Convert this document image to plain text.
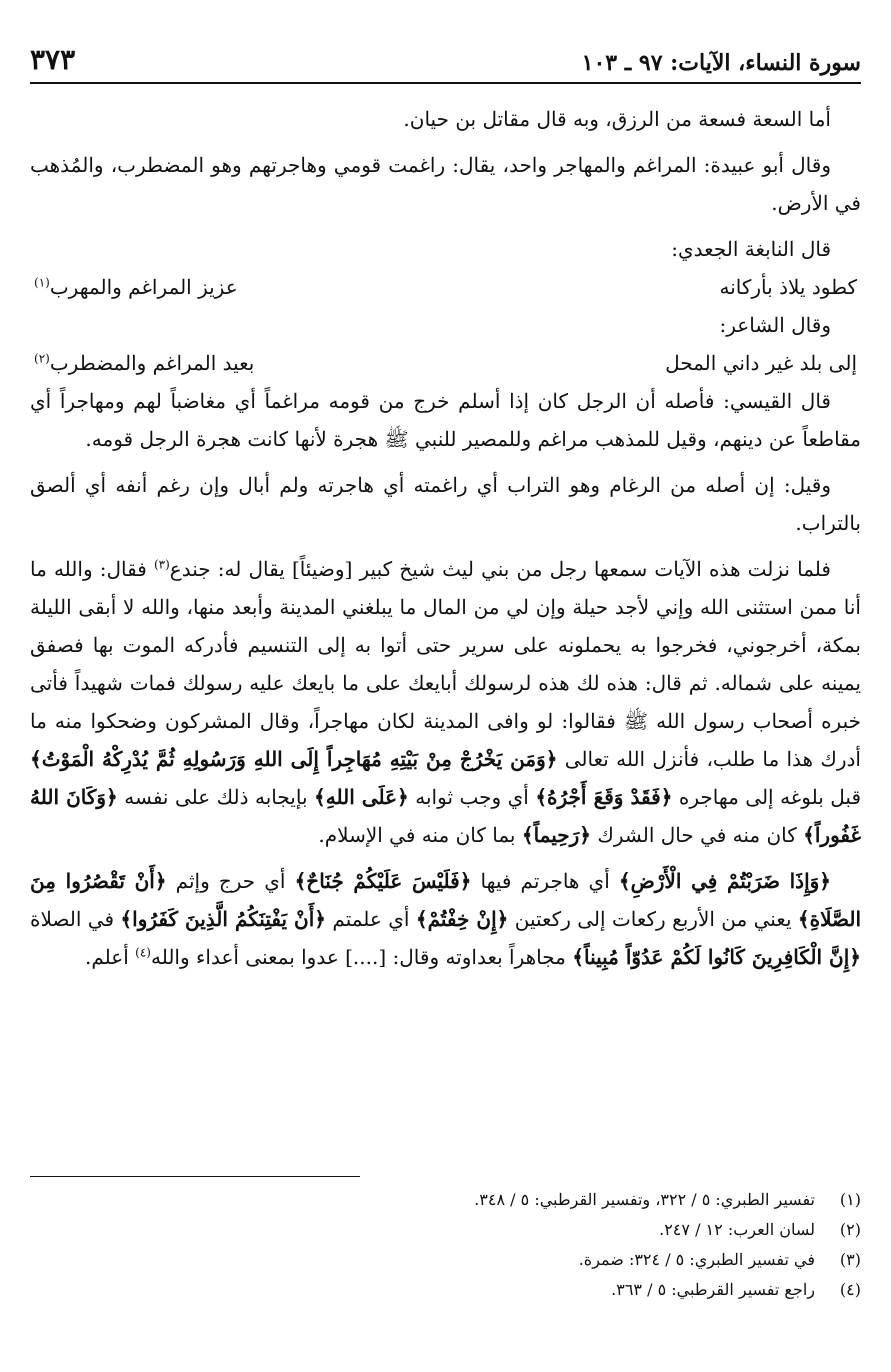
سورة النساء، الآيات: ٩٧ ـ ١٠٣
٣٧٣

أما السعة فسعة من الرزق، وبه قال مقاتل بن حيان.

وقال أبو عبيدة: المراغم والمهاجر واحد، يقال: راغمت قومي وهاجرتهم وهو المضطرب، والمُذهب في الأرض.

قال النابغة الجعدي:

كطود يلاذ بأركانه
عزيز المراغم والمهرب$^{(١)}$

وقال الشاعر:

إلى بلد غير داني المحل
بعيد المراغم والمضطرب$^{(٢)}$

قال القيسي: فأصله أن الرجل كان إذا أسلم خرج من قومه مراغماً أي مغاضباً لهم ومهاجراً أي مقاطعاً عن دينهم، وقيل للمذهب مراغم وللمصير للنبي ﷺ هجرة لأنها كانت هجرة الرجل قومه.

وقيل: إن أصله من الرغام وهو التراب أي راغمته أي هاجرته ولم أبال وإن رغم أنفه أي ألصق بالتراب.

فلما نزلت هذه الآيات سمعها رجل من بني ليث شيخ كبير [وضيئاً] يقال له: جندع$^{(٣)}$ فقال: والله ما أنا ممن استثنى الله وإني لأجد حيلة وإن لي من المال ما يبلغني المدينة وأبعد منها، والله لا أبقى الليلة بمكة، أخرجوني، فخرجوا به يحملونه على سرير حتى أتوا به إلى التنسيم فأدركه الموت بها فصفق يمينه على شماله. ثم قال: هذه لك هذه لرسولك أبايعك على ما بايعك عليه رسولك فمات شهيداً فأتى خبره أصحاب رسول الله ﷺ فقالوا: لو وافى المدينة لكان مهاجراً، وقال المشركون وضحكوا منه ما أدرك هذا ما طلب، فأنزل الله تعالى ﴿وَمَن يَخْرُجْ مِنْ بَيْتِهِ مُهَاجِراً إِلَى اللهِ وَرَسُولِهِ ثُمَّ يُدْرِكْهُ الْمَوْتُ﴾ قبل بلوغه إلى مهاجره ﴿فَقَدْ وَقَعَ أَجْرُهُ﴾ أي وجب ثوابه ﴿عَلَى اللهِ﴾ بإيجابه ذلك على نفسه ﴿وَكَانَ اللهُ غَفُوراً﴾ كان منه في حال الشرك ﴿رَحِيماً﴾ بما كان منه في الإسلام.

﴿وَإِذَا ضَرَبْتُمْ فِي الْأَرْضِ﴾ أي هاجرتم فيها ﴿فَلَيْسَ عَلَيْكُمْ جُنَاحٌ﴾ أي حرج وإثم ﴿أَنْ تَقْصُرُوا مِنَ الصَّلَاةِ﴾ يعني من الأربع ركعات إلى ركعتين ﴿إِنْ خِفْتُمْ﴾ أي علمتم ﴿أَنْ يَفْتِنَكُمُ الَّذِينَ كَفَرُوا﴾ في الصلاة ﴿إِنَّ الْكَافِرِينَ كَانُوا لَكُمْ عَدُوّاً مُبِيناً﴾ مجاهراً بعداوته وقال: [....] عدوا بمعنى أعداء والله$^{(٤)}$ أعلم.

(١)
تفسير الطبري: ٥ / ٣٢٢، وتفسير القرطبي: ٥ / ٣٤٨.
(٢)
لسان العرب: ١٢ / ٢٤٧.
(٣)
في تفسير الطبري: ٥ / ٣٢٤: ضمرة.
(٤)
راجع تفسير القرطبي: ٥ / ٣٦٣.
